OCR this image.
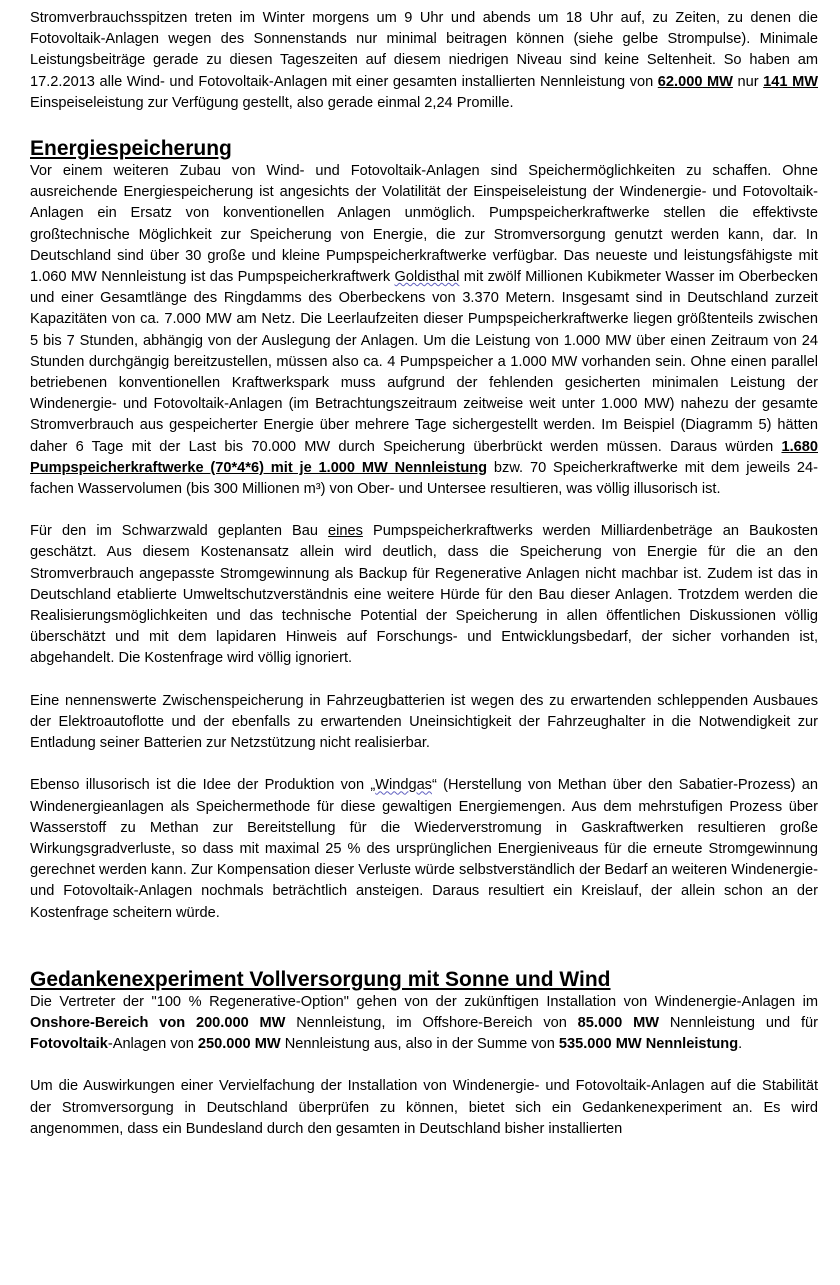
Stromverbrauchsspitzen treten im Winter morgens um 9 Uhr und abends um 18 Uhr auf, zu Zeiten, zu denen die Fotovoltaik-Anlagen wegen des Sonnenstands nur minimal beitragen können (siehe gelbe Strompulse). Minimale Leistungsbeiträge gerade zu diesen Tageszeiten auf diesem niedrigen Niveau sind keine Seltenheit. So haben am 17.2.2013 alle Wind- und Fotovoltaik-Anlagen mit einer gesamten installierten Nennleistung von 62.000 MW nur 141 MW Einspeiseleistung zur Verfügung gestellt, also gerade einmal 2,24 Promille.

Energiespeicherung

Vor einem weiteren Zubau von Wind- und Fotovoltaik-Anlagen sind Speichermöglichkeiten zu schaffen. Ohne ausreichende Energiespeicherung ist angesichts der Volatilität der Einspeiseleistung der Windenergie- und Fotovoltaik-Anlagen ein Ersatz von konventionellen Anlagen unmöglich. Pumpspeicherkraftwerke stellen die effektivste großtechnische Möglichkeit zur Speicherung von Energie, die zur Stromversorgung genutzt werden kann, dar. In Deutschland sind über 30 große und kleine Pumpspeicherkraftwerke verfügbar. Das neueste und leistungsfähigste mit 1.060 MW Nennleistung ist das Pumpspeicherkraftwerk Goldisthal mit zwölf Millionen Kubikmeter Wasser im Oberbecken und einer Gesamtlänge des Ringdamms des Oberbeckens von 3.370 Metern. Insgesamt sind in Deutschland zurzeit Kapazitäten von ca. 7.000 MW am Netz. Die Leerlaufzeiten dieser Pumpspeicherkraftwerke liegen größtenteils zwischen 5 bis 7 Stunden, abhängig von der Auslegung der Anlagen. Um die Leistung von 1.000 MW über einen Zeitraum von 24 Stunden durchgängig bereitzustellen, müssen also ca. 4 Pumpspeicher a 1.000 MW vorhanden sein. Ohne einen parallel betriebenen konventionellen Kraftwerkspark muss aufgrund der fehlenden gesicherten minimalen Leistung der Windenergie- und Fotovoltaik-Anlagen (im Betrachtungszeitraum zeitweise weit unter 1.000 MW) nahezu der gesamte Stromverbrauch aus gespeicherter Energie über mehrere Tage sichergestellt werden. Im Beispiel (Diagramm 5) hätten daher 6 Tage mit der Last bis 70.000 MW durch Speicherung überbrückt werden müssen. Daraus würden 1.680 Pumpspeicherkraftwerke (70*4*6) mit je 1.000 MW Nennleistung bzw. 70 Speicherkraftwerke mit dem jeweils 24-fachen Wasservolumen (bis 300 Millionen m³) von Ober- und Untersee resultieren, was völlig illusorisch ist.

Für den im Schwarzwald geplanten Bau eines Pumpspeicherkraftwerks werden Milliardenbeträge an Baukosten geschätzt. Aus diesem Kostenansatz allein wird deutlich, dass die Speicherung von Energie für die an den Stromverbrauch angepasste Stromgewinnung als Backup für Regenerative Anlagen nicht machbar ist. Zudem ist das in Deutschland etablierte Umweltschutzverständnis eine weitere Hürde für den Bau dieser Anlagen. Trotzdem werden die Realisierungsmöglichkeiten und das technische Potential der Speicherung in allen öffentlichen Diskussionen völlig überschätzt und mit dem lapidaren Hinweis auf Forschungs- und Entwicklungsbedarf, der sicher vorhanden ist, abgehandelt. Die Kostenfrage wird völlig ignoriert.

Eine nennenswerte Zwischenspeicherung in Fahrzeugbatterien ist wegen des zu erwartenden schleppenden Ausbaues der Elektroautoflotte und der ebenfalls zu erwartenden Uneinsichtigkeit der Fahrzeughalter in die Notwendigkeit zur Entladung seiner Batterien zur Netzstützung nicht realisierbar.

Ebenso illusorisch ist die Idee der Produktion von „Windgas“ (Herstellung von Methan über den Sabatier-Prozess) an Windenergieanlagen als Speichermethode für diese gewaltigen Energiemengen. Aus dem mehrstufigen Prozess über Wasserstoff zu Methan zur Bereitstellung für die Wiederverstromung in Gaskraftwerken resultieren große Wirkungsgradverluste, so dass mit maximal 25 % des ursprünglichen Energieniveaus für die erneute Stromgewinnung gerechnet werden kann. Zur Kompensation dieser Verluste würde selbstverständlich der Bedarf an weiteren Windenergie- und Fotovoltaik-Anlagen nochmals beträchtlich ansteigen. Daraus resultiert ein Kreislauf, der allein schon an der Kostenfrage scheitern würde.

Gedankenexperiment Vollversorgung mit Sonne und Wind

Die Vertreter der "100 % Regenerative-Option" gehen von der zukünftigen Installation von Windenergie-Anlagen im Onshore-Bereich von 200.000 MW Nennleistung, im Offshore-Bereich von 85.000 MW Nennleistung und für Fotovoltaik-Anlagen von 250.000 MW Nennleistung aus, also in der Summe von 535.000 MW Nennleistung.

Um die Auswirkungen einer Vervielfachung der Installation von Windenergie- und Fotovoltaik-Anlagen auf die Stabilität der Stromversorgung in Deutschland überprüfen zu können, bietet sich ein Gedankenexperiment an. Es wird angenommen, dass ein Bundesland durch den gesamten in Deutschland bisher installierten
